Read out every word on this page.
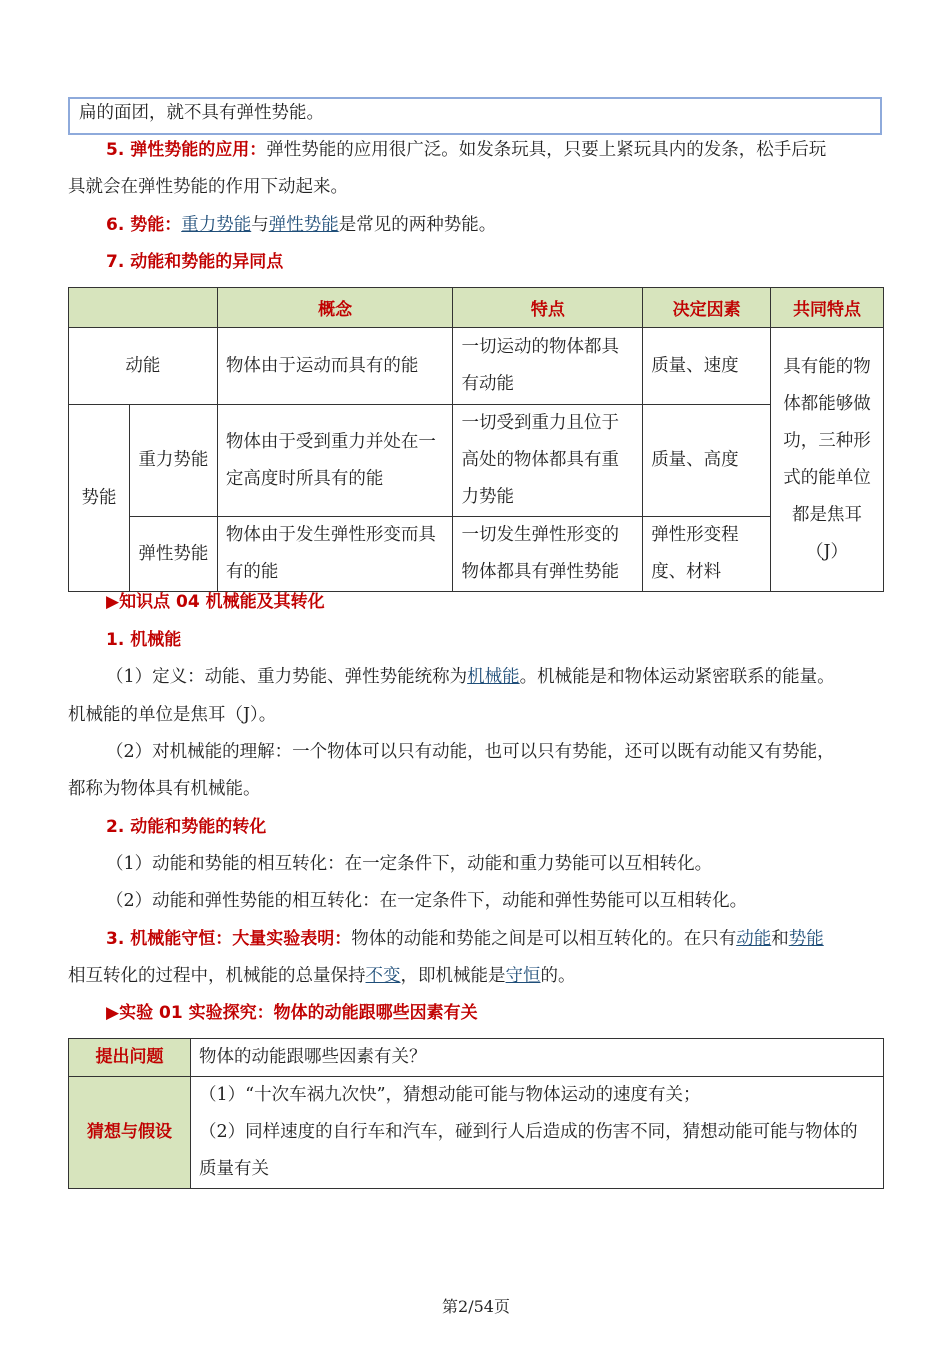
扁的面团，就不具有弹性势能。
5. 弹性势能的应用：弹性势能的应用很广泛。如发条玩具，只要上紧玩具内的发条，松手后玩
具就会在弹性势能的作用下动起来。
6. 势能：重力势能与弹性势能是常见的两种势能。
7. 动能和势能的异同点
		概念	特点	决定因素	共同特点
动能		物体由于运动而具有的能	一切运动的物体都具有动能	质量、速度	具有能的物体都能够做功，三种形式的能单位都是焦耳（J）
势能	重力势能	物体由于受到重力并处在一定高度时所具有的能	一切受到重力且位于高处的物体都具有重力势能	质量、高度	
	弹性势能	物体由于发生弹性形变而具有的能	一切发生弹性形变的物体都具有弹性势能	弹性形变程度、材料	
▶知识点 04 机械能及其转化
1. 机械能
（1）定义：动能、重力势能、弹性势能统称为机械能。机械能是和物体运动紧密联系的能量。
机械能的单位是焦耳（J）。
（2）对机械能的理解：一个物体可以只有动能，也可以只有势能，还可以既有动能又有势能，
都称为物体具有机械能。
2. 动能和势能的转化
（1）动能和势能的相互转化：在一定条件下，动能和重力势能可以互相转化。
（2）动能和弹性势能的相互转化：在一定条件下，动能和弹性势能可以互相转化。
3. 机械能守恒：大量实验表明：物体的动能和势能之间是可以相互转化的。在只有动能和势能
相互转化的过程中，机械能的总量保持不变，即机械能是守恒的。
▶实验 01 实验探究：物体的动能跟哪些因素有关
提出问题	物体的动能跟哪些因素有关？
猜想与假设	（1）“十次车祸九次快”，猜想动能可能与物体运动的速度有关；
（2）同样速度的自行车和汽车，碰到行人后造成的伤害不同，猜想动能可能与物体的质量有关
第2/54页
